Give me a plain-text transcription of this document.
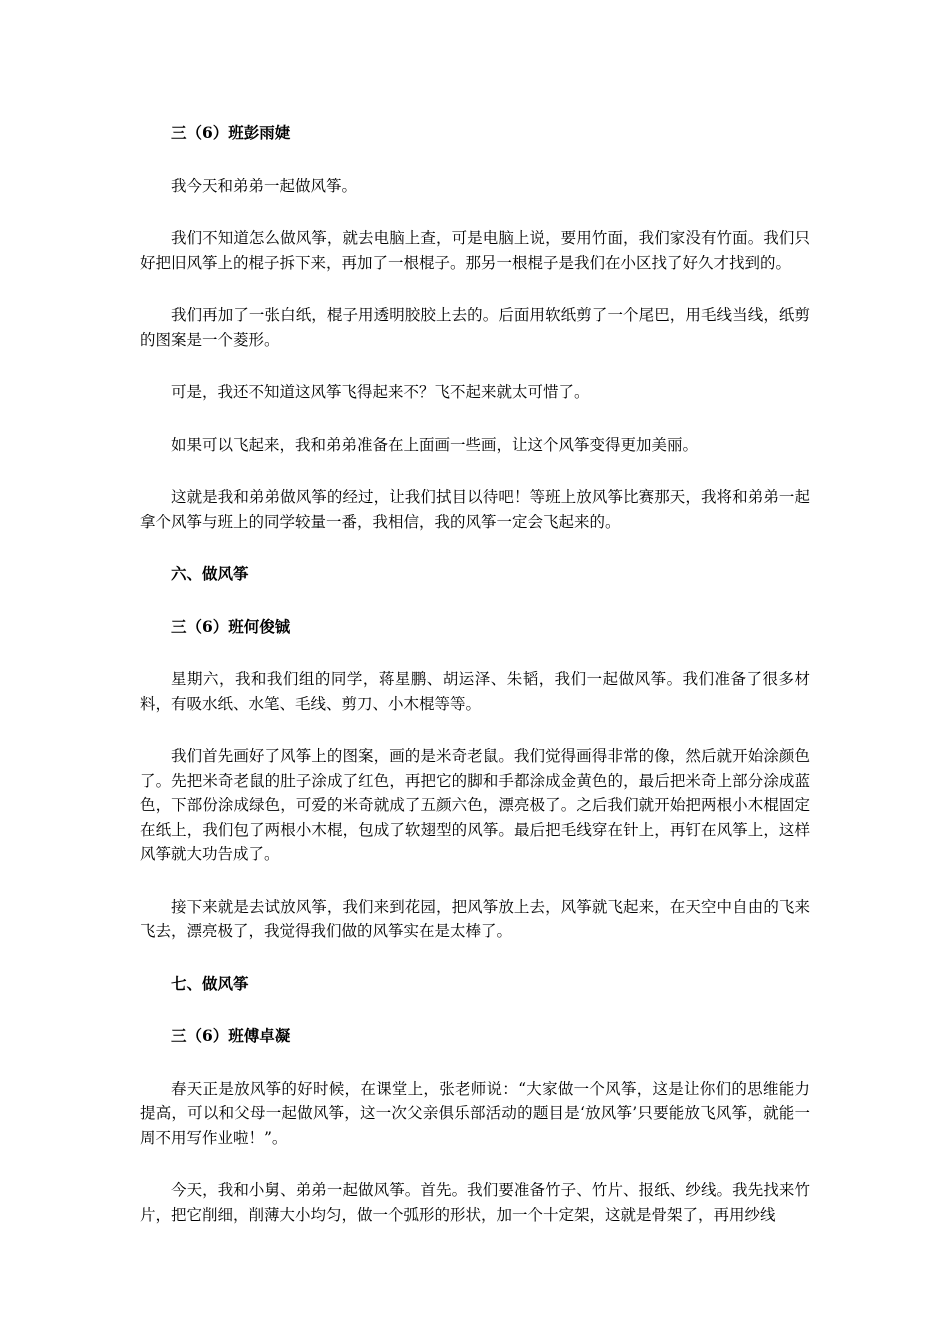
三（6）班彭雨婕

我今天和弟弟一起做风筝。

我们不知道怎么做风筝，就去电脑上查，可是电脑上说，要用竹面，我们家没有竹面。我们只好把旧风筝上的棍子拆下来，再加了一根棍子。那另一根棍子是我们在小区找了好久才找到的。

我们再加了一张白纸，棍子用透明胶胶上去的。后面用软纸剪了一个尾巴，用毛线当线，纸剪的图案是一个菱形。

可是，我还不知道这风筝飞得起来不？飞不起来就太可惜了。

如果可以飞起来，我和弟弟准备在上面画一些画，让这个风筝变得更加美丽。

这就是我和弟弟做风筝的经过，让我们拭目以待吧！等班上放风筝比赛那天，我将和弟弟一起拿个风筝与班上的同学较量一番，我相信，我的风筝一定会飞起来的。

六、做风筝

三（6）班何俊铖

星期六，我和我们组的同学，蒋星鹏、胡运泽、朱韬，我们一起做风筝。我们准备了很多材料，有吸水纸、水笔、毛线、剪刀、小木棍等等。

我们首先画好了风筝上的图案，画的是米奇老鼠。我们觉得画得非常的像，然后就开始涂颜色了。先把米奇老鼠的肚子涂成了红色，再把它的脚和手都涂成金黄色的，最后把米奇上部分涂成蓝色，下部份涂成绿色，可爱的米奇就成了五颜六色，漂亮极了。之后我们就开始把两根小木棍固定在纸上，我们包了两根小木棍，包成了软翅型的风筝。最后把毛线穿在针上，再钉在风筝上，这样风筝就大功告成了。

接下来就是去试放风筝，我们来到花园，把风筝放上去，风筝就飞起来，在天空中自由的飞来飞去，漂亮极了，我觉得我们做的风筝实在是太棒了。

七、做风筝

三（6）班傅卓凝

春天正是放风筝的好时候，在课堂上，张老师说：“大家做一个风筝，这是让你们的思维能力提高，可以和父母一起做风筝，这一次父亲俱乐部活动的题目是‘放风筝’只要能放飞风筝，就能一周不用写作业啦！”。

今天，我和小舅、弟弟一起做风筝。首先。我们要准备竹子、竹片、报纸、纱线。我先找来竹片，把它削细，削薄大小均匀，做一个弧形的形状，加一个十定架，这就是骨架了，再用纱线
